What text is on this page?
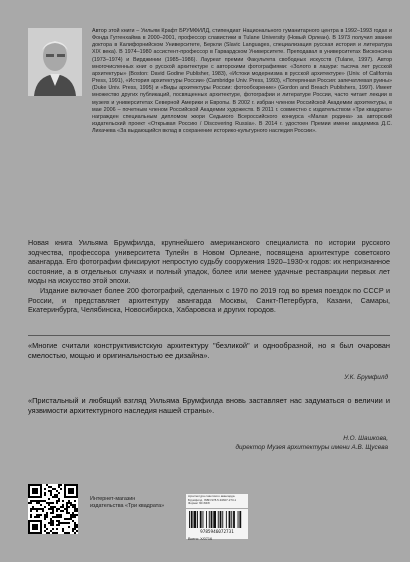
Автор этой книги – Уильям Крафт БРУМФИЛД, стипендиат Национального гуманитарного центра в 1992–1993 годах и Фонда Гуггенхайма в 2000–2001, профессор славистики в Tulane University (Новый Орлеан). В 1973 получил звание доктора в Калифорнийском Университете, Беркли (Slavic Languages, специализация русская история и литература XIX века). В 1974–1980 ассистент-профессор в Гарвардском Университете. Преподавал в университетах Висконсина (1973–1974) и Вирджинии (1985–1986). Лауреат премии Факультета свободных искусств (Tulane, 1997). Автор многочисленных книг о русской архитектуре с авторскими фотографиями: «Золото в лазури: тысяча лет русской архитектуры» (Boston: David Godine Publisher, 1983), «Истоки модернизма в русской архитектуре» (Univ. of California Press, 1991), «История архитектуры России» (Cambridge Univ. Press, 1993), «Потерянная Россия: запечатлевая руины» (Duke Univ. Press, 1995) и «Виды архитектуры России: фотообозрение» (Gordon and Breach Publishers, 1997). Имеет множество других публикаций, посвященных архитектуре, фотографии и литературе России, часто читает лекции в музеях и университетах Северной Америки и Европы. В 2002 г. избран членом Российской Академии архитектуры, в мае 2006 – почетным членом Российской Академии художеств. В 2011 г. совместно с издательством «Три квадрата» награжден специальным дипломом жюри Седьмого Всероссийского конкурса «Малая родина» за авторский издательский проект «Открывая Россию / Discovering Russia». В 2014 г. удостоен Премии имени академика Д.С. Лихачева «За выдающийся вклад в сохранение историко-культурного наследия России».

Новая книга Уильяма Брумфилда, крупнейшего американского специалиста по истории русского зодчества, профессора университета Тулейн в Новом Орлеане, посвящена архитектуре советского авангарда. Его фотографии фиксируют непростую судьбу сооружения 1920–1930-х годов: их непризнанное состояние, а в отдельных случаях и полный упадок, более или менее удачные реставрации первых лет моды на искусство этой эпохи.

Издание включает более 200 фотографий, сделанных с 1970 по 2019 год во время поездок по СССР и России, и представляет архитектуру авангарда Москвы, Санкт-Петербурга, Казани, Самары, Екатеринбурга, Челябинска, Новосибирска, Хабаровска и других городов.

«Многие считали конструктивистскую архитектуру "безликой" и однообразной, но я был очарован смелостью, мощью и оригинальностью ее дизайна».
У.К. Брумфилд
«Пристальный и любящий взгляд Уильяма Брумфилда вновь заставляет нас задуматься о величии и уязвимости архитектурного наследия нашей страны».
Н.О. Шашкова,
директор Музея архитектуры имени А.В. Щусева
Интернет-магазин
издательства «Три квадрата»
Архитектура советского авангарда. Брумфилд. ISBN 978-5-94607-273-1 Формат 60×84/8
9785946072731
Всего: X/0716
